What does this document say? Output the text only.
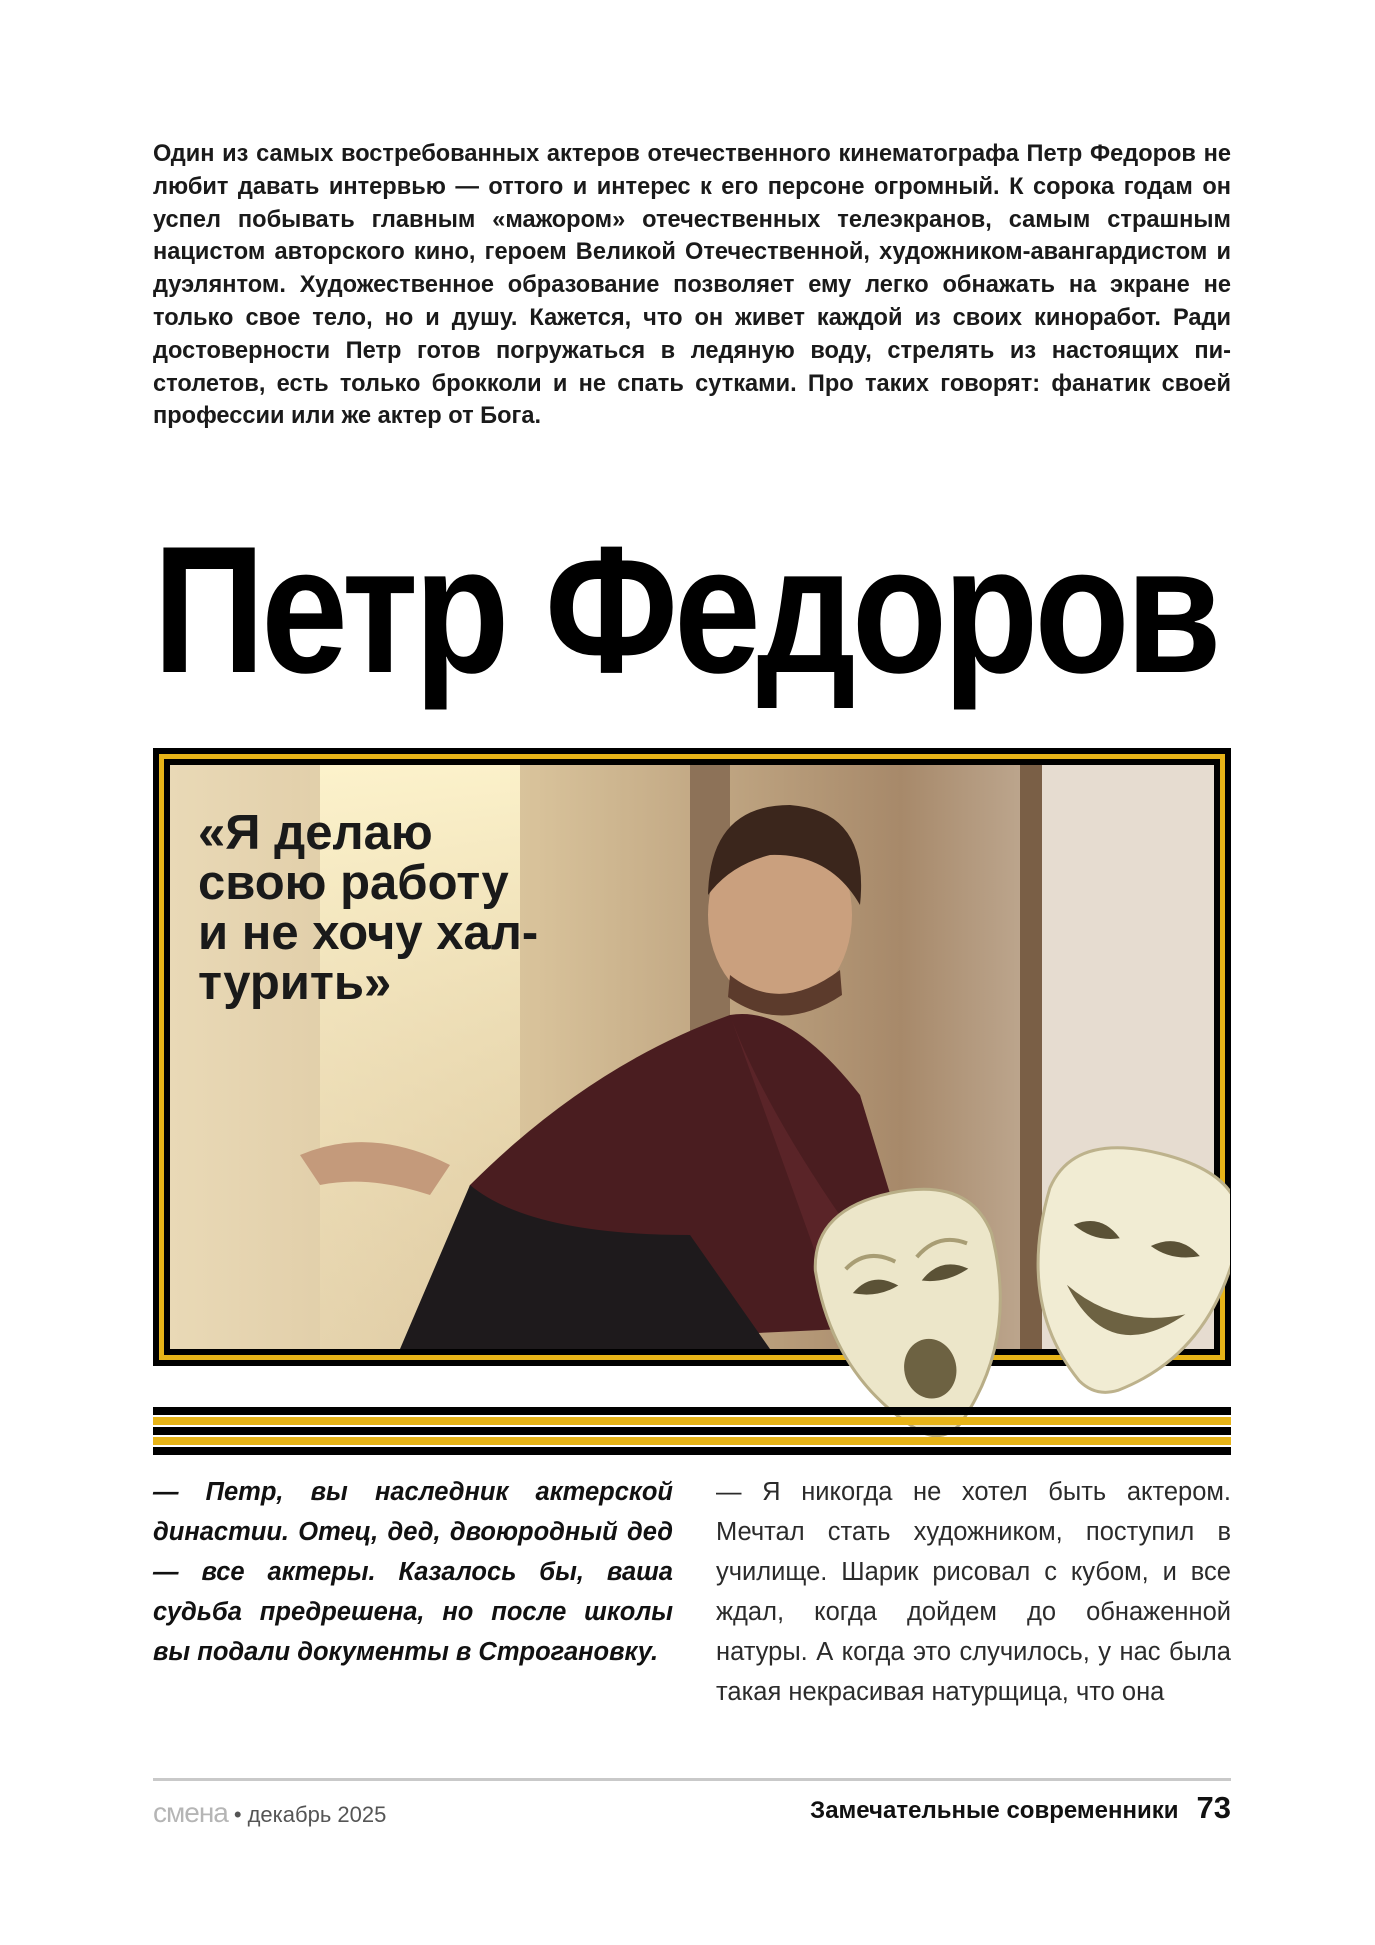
Один из самых востребованных актеров отечественного кинематографа Петр Федоров не любит давать интервью — оттого и интерес к его персоне огромный. К сорока годам он успел побывать главным «мажором» отечественных телеэкранов, самым страшным нацистом авторского кино, героем Великой Отечественной, художником-авангардистом и дуэлянтом. Художественное образование позволяет ему легко обнажать на экране не только свое тело, но и душу. Кажется, что он живет каждой из своих киноработ. Ради достоверности Петр готов погружаться в ледяную воду, стрелять из настоящих пистолетов, есть только брокколи и не спать сутками. Про таких говорят: фанатик своей профессии или же актер от Бога.

Петр Федоров

«Я делаю
свою работу
и не хочу хал-
турить»

— Петр, вы наследник актерской династии. Отец, дед, двоюродный дед — все актеры. Казалось бы, ваша судьба предрешена, но после школы вы подали документы в Строгановку.

— Я никогда не хотел быть актером. Мечтал стать художником, поступил в училище. Шарик рисовал с кубом, и все ждал, когда дойдем до обнаженной натуры. А когда это случилось, у нас была такая некрасивая натурщица, что она

смена • декабрь 2025	Замечательные современники 73
